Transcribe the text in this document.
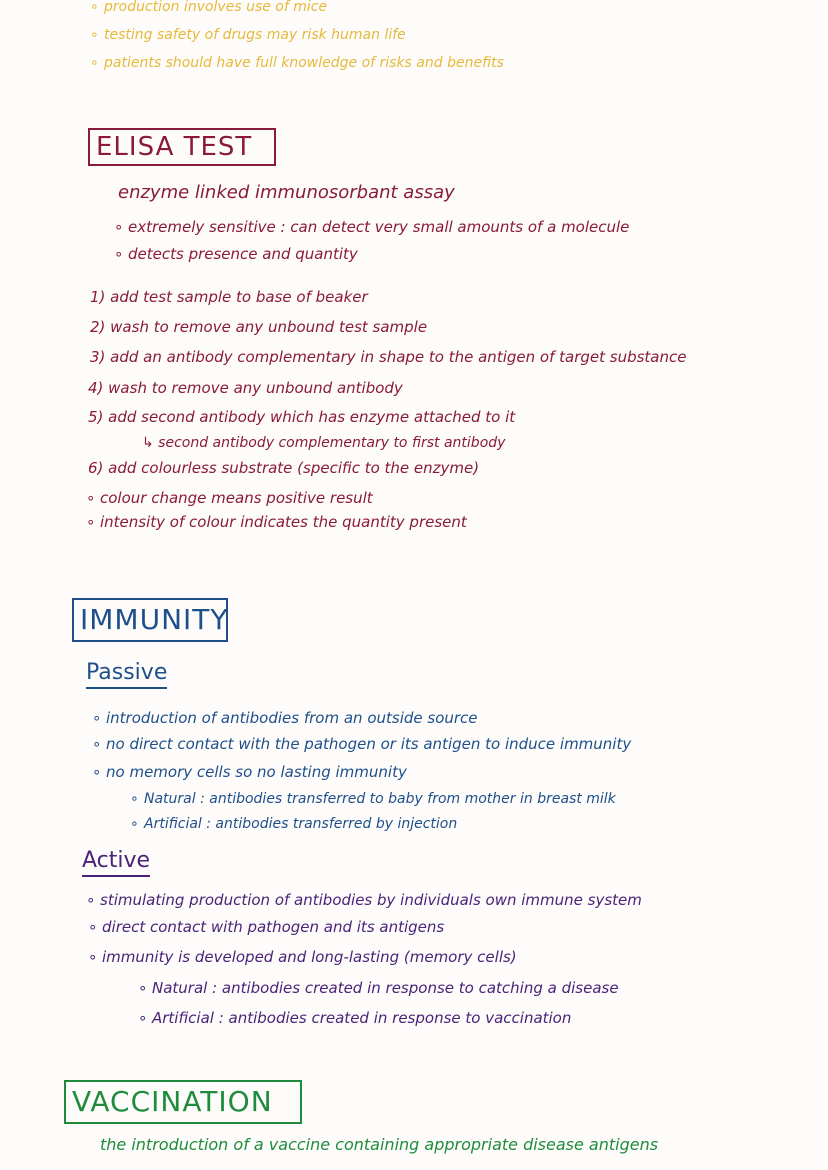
∘ production involves use of mice
∘ testing safety of drugs may risk human life
∘ patients should have full knowledge of risks and benefits
ELISA TEST
enzyme linked immunosorbant assay
∘ extremely sensitive : can detect very small amounts of a molecule
∘ detects presence and quantity
1) add test sample to base of beaker
2) wash to remove any unbound test sample
3) add an antibody complementary in shape to the antigen of target substance
4) wash to remove any unbound antibody
5) add second antibody which has enzyme attached to it
↳ second antibody complementary to first antibody
6) add colourless substrate (specific to the enzyme)
∘ colour change means positive result
∘ intensity of colour indicates the quantity present
IMMUNITY
Passive
∘ introduction of antibodies from an outside source
∘ no direct contact with the pathogen or its antigen to induce immunity
∘ no memory cells so no lasting immunity
∘ Natural : antibodies transferred to baby from mother in breast milk
∘ Artificial : antibodies transferred by injection
Active
∘ stimulating production of antibodies by individuals own immune system
∘ direct contact with pathogen and its antigens
∘ immunity is developed and long-lasting (memory cells)
∘ Natural : antibodies created in response to catching a disease
∘ Artificial : antibodies created in response to vaccination
VACCINATION
the introduction of a vaccine containing appropriate disease antigens
